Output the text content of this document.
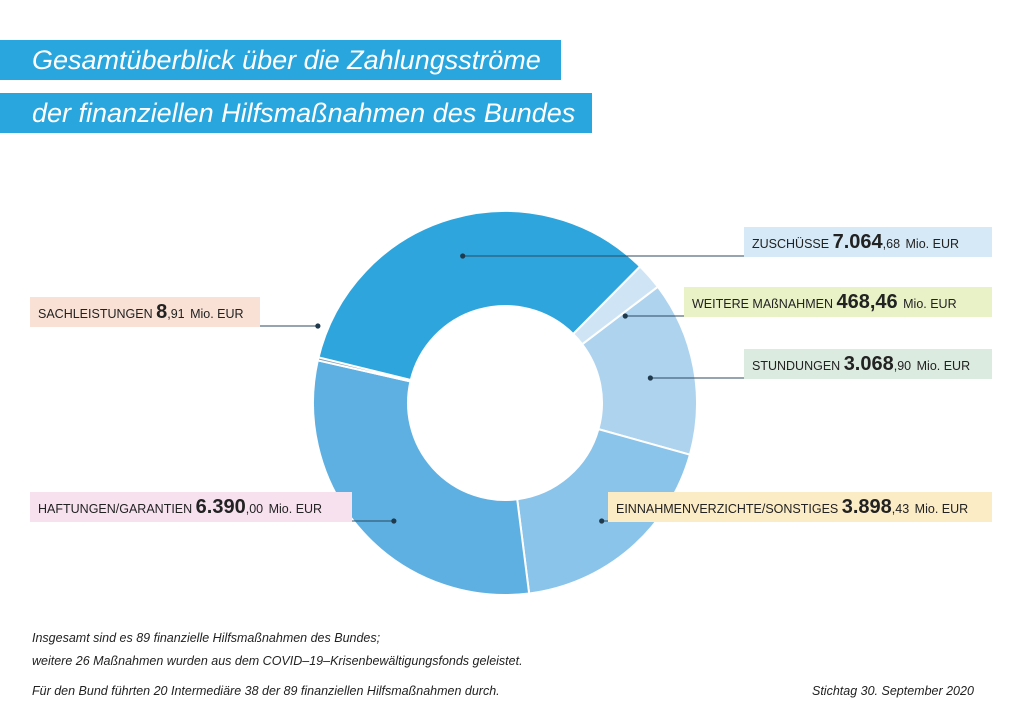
Gesamtüberblick über die Zahlungsströme
der finanziellen Hilfsmaßnahmen des Bundes
ZUSCHÜSSE 7.064,68 Mio. EUR
WEITERE MAßNAHMEN 468,46 Mio. EUR
STUNDUNGEN 3.068,90 Mio. EUR
EINNAHMENVERZICHTE/SONSTIGES 3.898,43 Mio. EUR
HAFTUNGEN/GARANTIEN 6.390,00 Mio. EUR
SACHLEISTUNGEN 8,91 Mio. EUR
Insgesamt sind es 89 finanzielle Hilfsmaßnahmen des Bundes;
weitere 26 Maßnahmen wurden aus dem COVID–19–Krisenbewältigungsfonds geleistet.
Für den Bund führten 20 Intermediäre 38 der 89 finanziellen Hilfsmaßnahmen durch.	Stichtag 30. September 2020
